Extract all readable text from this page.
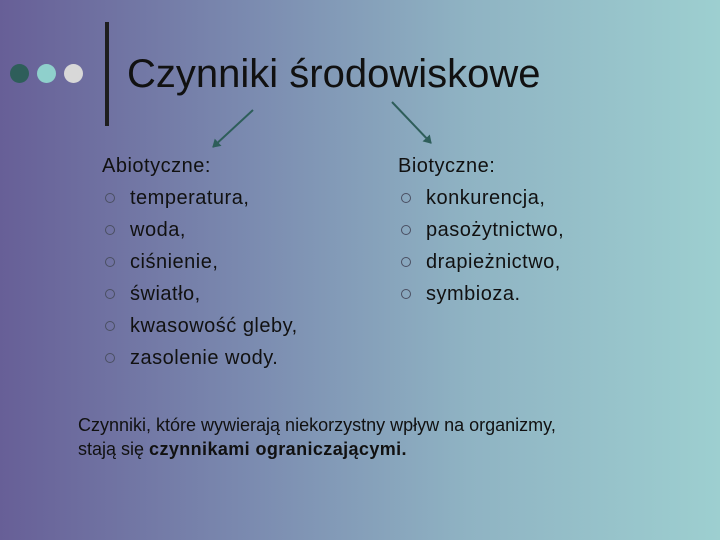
Czynniki środowiskowe
Abiotyczne:
temperatura,
woda,
ciśnienie,
światło,
kwasowość gleby,
zasolenie wody.
Biotyczne:
konkurencja,
pasożytnictwo,
drapieżnictwo,
symbioza.
Czynniki, które wywierają niekorzystny wpływ na organizmy,
stają się czynnikami ograniczającymi.
